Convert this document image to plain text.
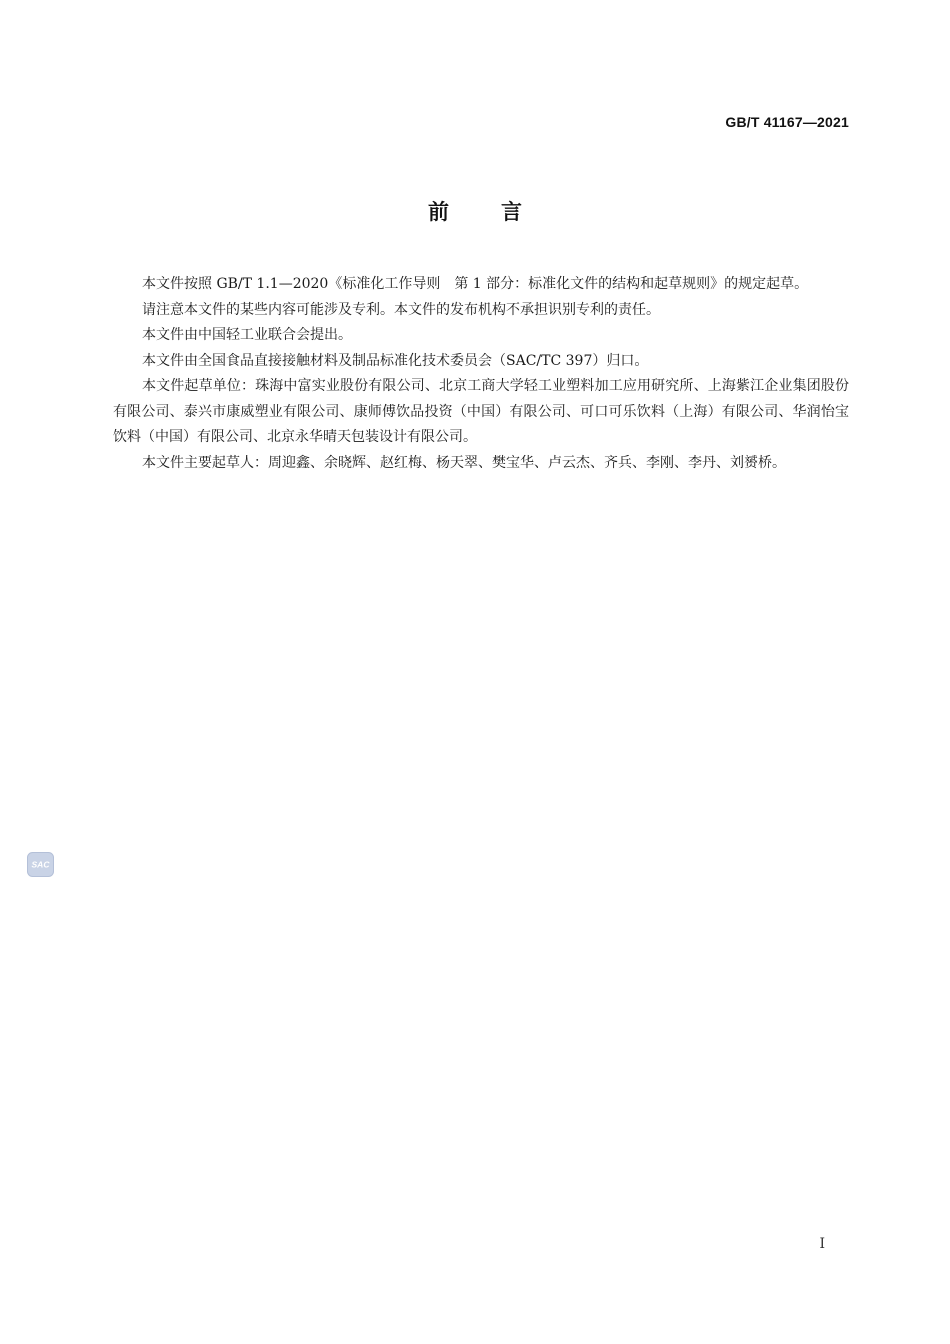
GB/T 41167—2021
前言

本文件按照 GB/T 1.1—2020《标准化工作导则　第 1 部分：标准化文件的结构和起草规则》的规定起草。

请注意本文件的某些内容可能涉及专利。本文件的发布机构不承担识别专利的责任。

本文件由中国轻工业联合会提出。

本文件由全国食品直接接触材料及制品标准化技术委员会（SAC/TC 397）归口。

本文件起草单位：珠海中富实业股份有限公司、北京工商大学轻工业塑料加工应用研究所、上海紫江企业集团股份有限公司、泰兴市康威塑业有限公司、康师傅饮品投资（中国）有限公司、可口可乐饮料（上海）有限公司、华润怡宝饮料（中国）有限公司、北京永华晴天包装设计有限公司。

本文件主要起草人：周迎鑫、余晓辉、赵红梅、杨天翠、樊宝华、卢云杰、齐兵、李刚、李丹、刘赟桥。

SAC
Ⅰ
